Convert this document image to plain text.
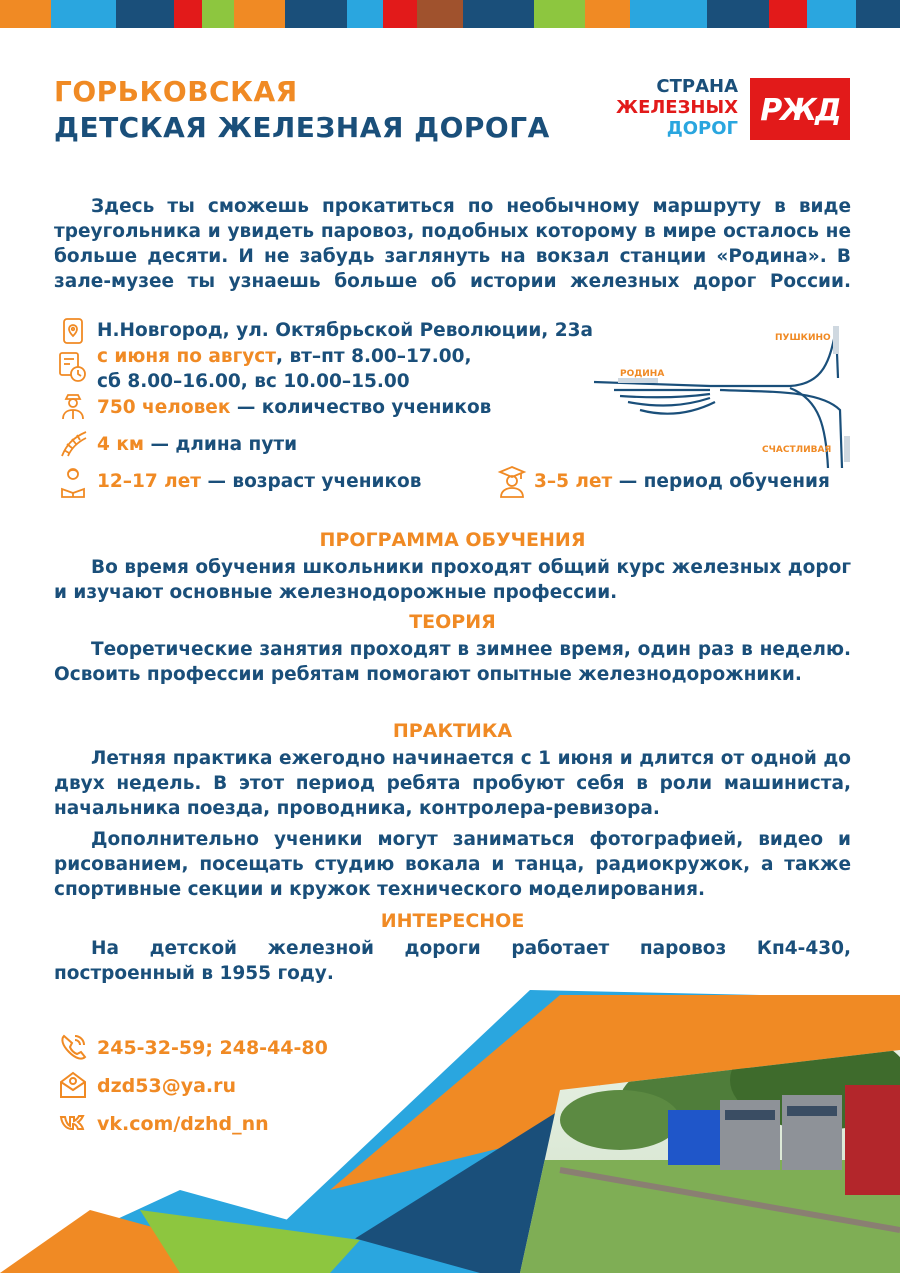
ГОРЬКОВСКАЯ
ДЕТСКАЯ ЖЕЛЕЗНАЯ ДОРОГА
СТРАНА
ЖЕЛЕЗНЫХ
ДОРОГ
РЖД
Здесь ты сможешь прокатиться по необычному маршруту в виде треугольника и увидеть паровоз, подобных которому в мире осталось не больше десяти. И не забудь заглянуть на вокзал станции «Родина». В зале-музее ты узнаешь больше об истории железных дорог России.
Н.Новгород, ул. Октябрьской Революции, 23а
с июня по август, вт–пт 8.00–17.00,
сб 8.00–16.00, вс 10.00–15.00
750 человек — количество учеников
4 км — длина пути
12–17 лет — возраст учеников	3–5 лет — период обучения
ПУШКИНО
РОДИНА
СЧАСТЛИВАЯ
ПРОГРАММА ОБУЧЕНИЯ
Во время обучения школьники проходят общий курс железных дорог и изучают основные железнодорожные профессии.
ТЕОРИЯ
Теоретические занятия проходят в зимнее время, один раз в неделю. Освоить профессии ребятам помогают опытные железнодорожники.
ПРАКТИКА
Летняя практика ежегодно начинается с 1 июня и длится от одной до двух недель. В этот период ребята пробуют себя в роли машиниста, начальника поезда, проводника, контролера-ревизора.
Дополнительно ученики могут заниматься фотографией, видео и рисованием, посещать студию вокала и танца, радиокружок, а также спортивные секции и кружок технического моделирования.
ИНТЕРЕСНОЕ
На детской железной дороги работает паровоз Кп4-430, построенный в 1955 году.
245-32-59; 248-44-80
dzd53@ya.ru
vk.com/dzhd_nn
